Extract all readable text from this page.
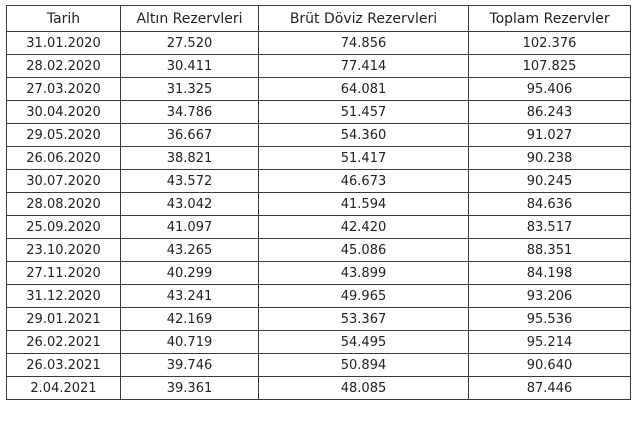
Tarih	Altın Rezervleri	Brüt Döviz Rezervleri	Toplam Rezervler
31.01.2020	27.520	74.856	102.376
28.02.2020	30.411	77.414	107.825
27.03.2020	31.325	64.081	95.406
30.04.2020	34.786	51.457	86.243
29.05.2020	36.667	54.360	91.027
26.06.2020	38.821	51.417	90.238
30.07.2020	43.572	46.673	90.245
28.08.2020	43.042	41.594	84.636
25.09.2020	41.097	42.420	83.517
23.10.2020	43.265	45.086	88.351
27.11.2020	40.299	43.899	84.198
31.12.2020	43.241	49.965	93.206
29.01.2021	42.169	53.367	95.536
26.02.2021	40.719	54.495	95.214
26.03.2021	39.746	50.894	90.640
2.04.2021	39.361	48.085	87.446
